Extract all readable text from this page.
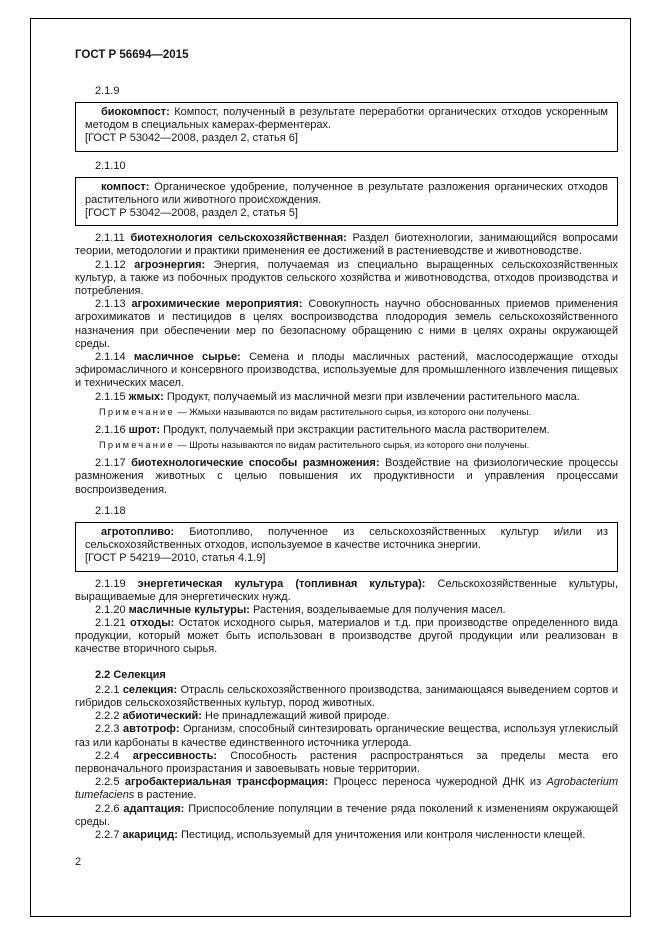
ГОСТ Р 56694—2015

2.1.9

биокомпост: Компост, полученный в результате переработки органических отходов ускоренным методом в специальных камерах-ферментерах.

[ГОСТ Р 53042—2008, раздел 2, статья 6]

2.1.10

компост: Органическое удобрение, полученное в результате разложения органических отходов растительного или животного происхождения.

[ГОСТ Р 53042—2008, раздел 2, статья 5]

2.1.11 биотехнология сельскохозяйственная: Раздел биотехнологии, занимающийся вопросами теории, методологии и практики применения ее достижений в растениеводстве и животноводстве.

2.1.12 агроэнергия: Энергия, получаемая из специально выращенных сельскохозяйственных культур, а также из побочных продуктов сельского хозяйства и животноводства, отходов производства и потребления.

2.1.13 агрохимические мероприятия: Совокупность научно обоснованных приемов применения агрохимикатов и пестицидов в целях воспроизводства плодородия земель сельскохозяйственного назначения при обеспечении мер по безопасному обращению с ними в целях охраны окружающей среды.

2.1.14 масличное сырье: Семена и плоды масличных растений, маслосодержащие отходы эфиромасличного и консервного производства, используемые для промышленного извлечения пищевых и технических масел.

2.1.15 жмых: Продукт, получаемый из масличной мезги при извлечении растительного масла.

Примечание — Жмыхи называются по видам растительного сырья, из которого они получены.

2.1.16 шрот: Продукт, получаемый при экстракции растительного масла растворителем.

Примечание — Шроты называются по видам растительного сырья, из которого они получены.

2.1.17 биотехнологические способы размножения: Воздействие на физиологические процессы размножения животных с целью повышения их продуктивности и управления процессами воспроизведения.

2.1.18

агротопливо: Биотопливо, полученное из сельскохозяйственных культур и/или из сельскохозяйственных отходов, используемое в качестве источника энергии.

[ГОСТ Р 54219—2010, статья 4.1.9]

2.1.19 энергетическая культура (топливная культура): Сельскохозяйственные культуры, выращиваемые для энергетических нужд.

2.1.20 масличные культуры: Растения, возделываемые для получения масел.

2.1.21 отходы: Остаток исходного сырья, материалов и т.д. при производстве определенного вида продукции, который может быть использован в производстве другой продукции или реализован в качестве вторичного сырья.

2.2 Селекция

2.2.1 селекция: Отрасль сельскохозяйственного производства, занимающаяся выведением сортов и гибридов сельскохозяйственных культур, пород животных.

2.2.2 абиотический: Не принадлежащий живой природе.

2.2.3 автотроф: Организм, способный синтезировать органические вещества, используя углекислый газ или карбонаты в качестве единственного источника углерода.

2.2.4 агрессивность: Способность растения распространяться за пределы места его первоначального произрастания и завоевывать новые территории.

2.2.5 агробактериальная трансформация: Процесс переноса чужеродной ДНК из Agrobacterium tumefaciens в растение.

2.2.6 адаптация: Приспособление популяции в течение ряда поколений к изменениям окружающей среды.

2.2.7 акарицид: Пестицид, используемый для уничтожения или контроля численности клещей.

2
